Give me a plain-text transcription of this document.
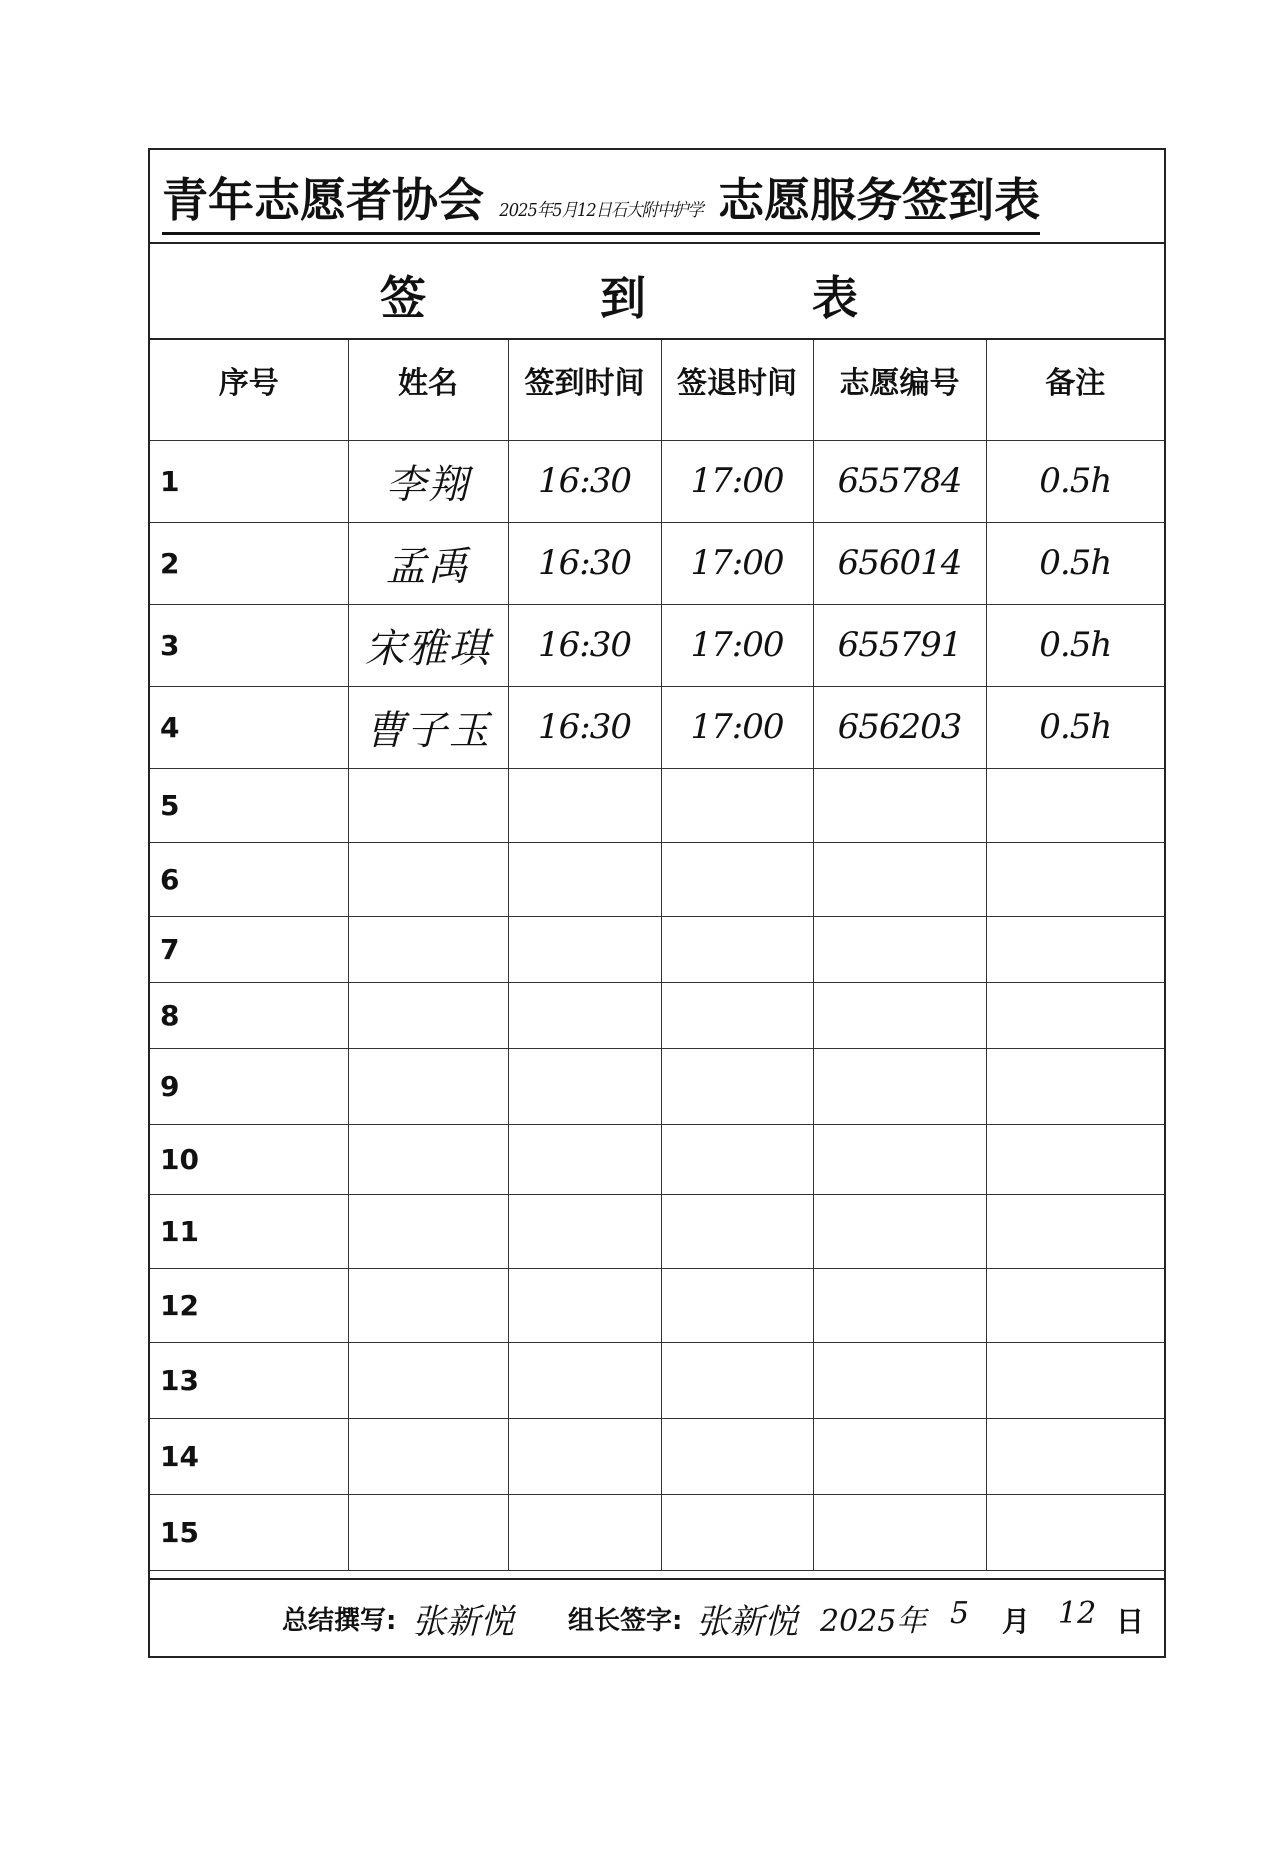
青年志愿者协会 2025年5月12日石大附中护学 志愿服务签到表
签	到	表
序号	姓名	签到时间	签退时间	志愿编号	备注
1	李翔	16:30	17:00	655784	0.5h
2	孟禹	16:30	17:00	656014	0.5h
3	宋雅琪	16:30	17:00	655791	0.5h
4	曹子玉	16:30	17:00	656203	0.5h
5					
6					
7					
8					
9					
10					
11					
12					
13					
14					
15					
总结撰写: 张新悦 组长签字: 张新悦 2025年 5 月 12 日
